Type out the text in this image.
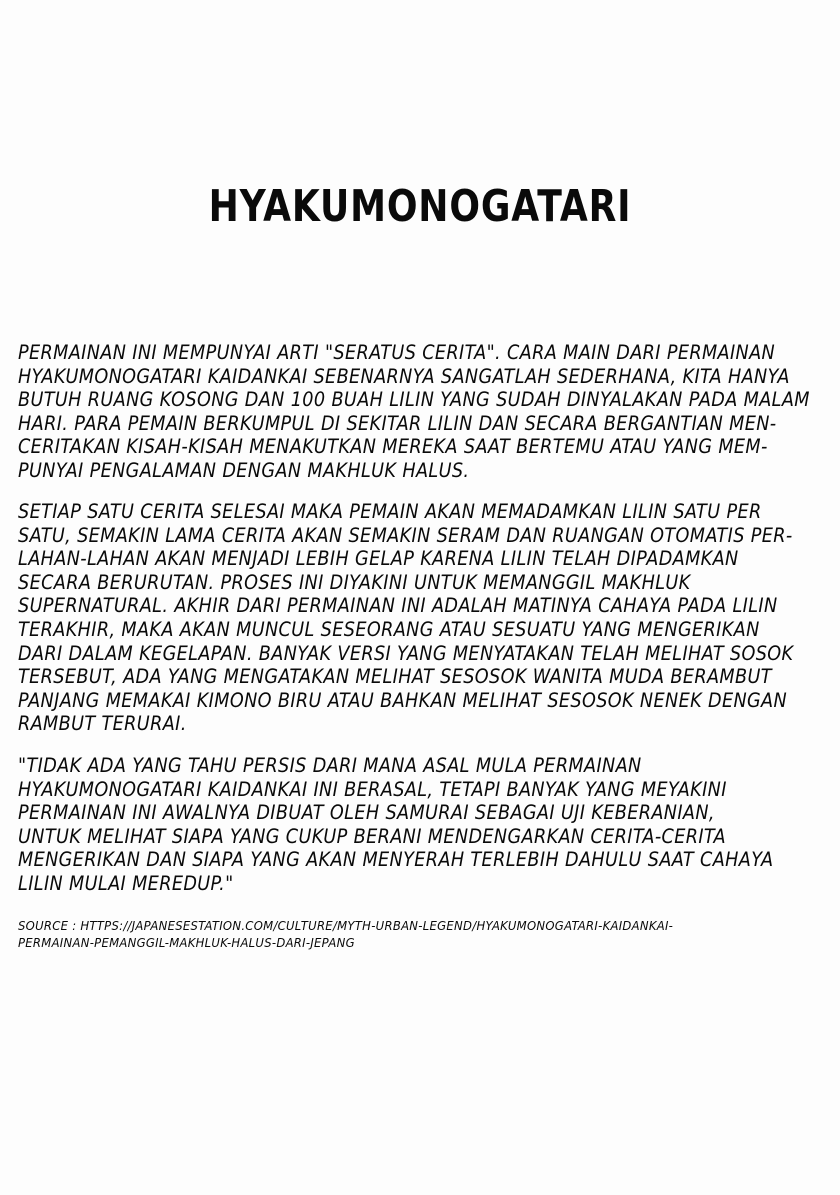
HYAKUMONOGATARI
PERMAINAN INI MEMPUNYAI ARTI "SERATUS CERITA". CARA MAIN DARI PERMAINAN
HYAKUMONOGATARI KAIDANKAI SEBENARNYA SANGATLAH SEDERHANA, KITA HANYA
BUTUH RUANG KOSONG DAN 100 BUAH LILIN YANG SUDAH DINYALAKAN PADA MALAM
HARI. PARA PEMAIN BERKUMPUL DI SEKITAR LILIN DAN SECARA BERGANTIAN MEN-
CERITAKAN KISAH-KISAH MENAKUTKAN MEREKA SAAT BERTEMU ATAU YANG MEM-
PUNYAI PENGALAMAN DENGAN MAKHLUK HALUS.
SETIAP SATU CERITA SELESAI MAKA PEMAIN AKAN MEMADAMKAN LILIN SATU PER
SATU, SEMAKIN LAMA CERITA AKAN SEMAKIN SERAM DAN RUANGAN OTOMATIS PER-
LAHAN-LAHAN AKAN MENJADI LEBIH GELAP KARENA LILIN TELAH DIPADAMKAN
SECARA BERURUTAN. PROSES INI DIYAKINI UNTUK MEMANGGIL MAKHLUK
SUPERNATURAL. AKHIR DARI PERMAINAN INI ADALAH MATINYA CAHAYA PADA LILIN
TERAKHIR, MAKA AKAN MUNCUL SESEORANG ATAU SESUATU YANG MENGERIKAN
DARI DALAM KEGELAPAN. BANYAK VERSI YANG MENYATAKAN TELAH MELIHAT SOSOK
TERSEBUT, ADA YANG MENGATAKAN MELIHAT SESOSOK WANITA MUDA BERAMBUT
PANJANG MEMAKAI KIMONO BIRU ATAU BAHKAN MELIHAT SESOSOK NENEK DENGAN
RAMBUT TERURAI.
"TIDAK ADA YANG TAHU PERSIS DARI MANA ASAL MULA PERMAINAN
HYAKUMONOGATARI KAIDANKAI INI BERASAL, TETAPI BANYAK YANG MEYAKINI
PERMAINAN INI AWALNYA DIBUAT OLEH SAMURAI SEBAGAI UJI KEBERANIAN,
UNTUK MELIHAT SIAPA YANG CUKUP BERANI MENDENGARKAN CERITA-CERITA
MENGERIKAN DAN SIAPA YANG AKAN MENYERAH TERLEBIH DAHULU SAAT CAHAYA
LILIN MULAI MEREDUP."
SOURCE : HTTPS://JAPANESESTATION.COM/CULTURE/MYTH-URBAN-LEGEND/HYAKUMONOGATARI-KAIDANKAI-
PERMAINAN-PEMANGGIL-MAKHLUK-HALUS-DARI-JEPANG
